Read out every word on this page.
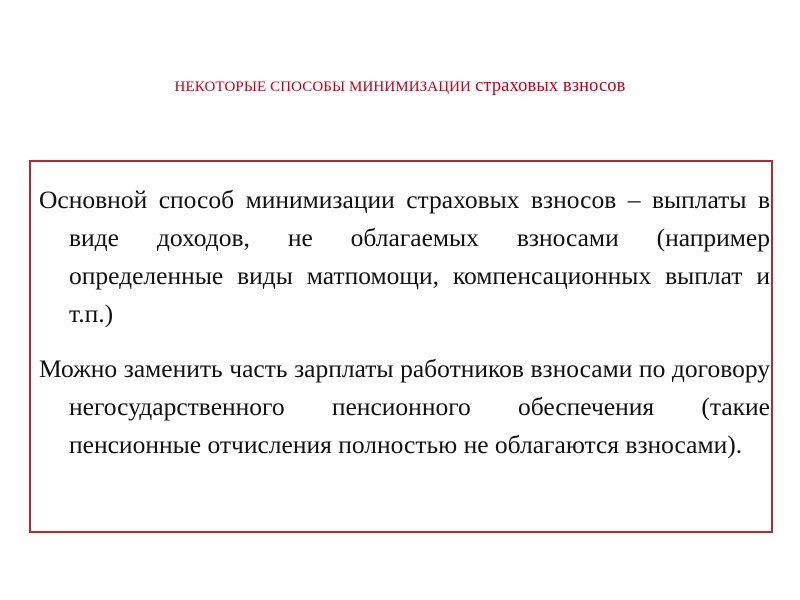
НЕКОТОРЫЕ СПОСОБЫ МИНИМИЗАЦИИ страховых взносов
Основной способ минимизации страховых взносов – выплаты в виде доходов, не облагаемых взносами (например определенные виды матпомощи, компенсационных выплат и т.п.)
Можно заменить часть зарплаты работников взносами по договору негосударственного пенсионного обеспечения (такие пенсионные отчисления полностью не облагаются взносами).
